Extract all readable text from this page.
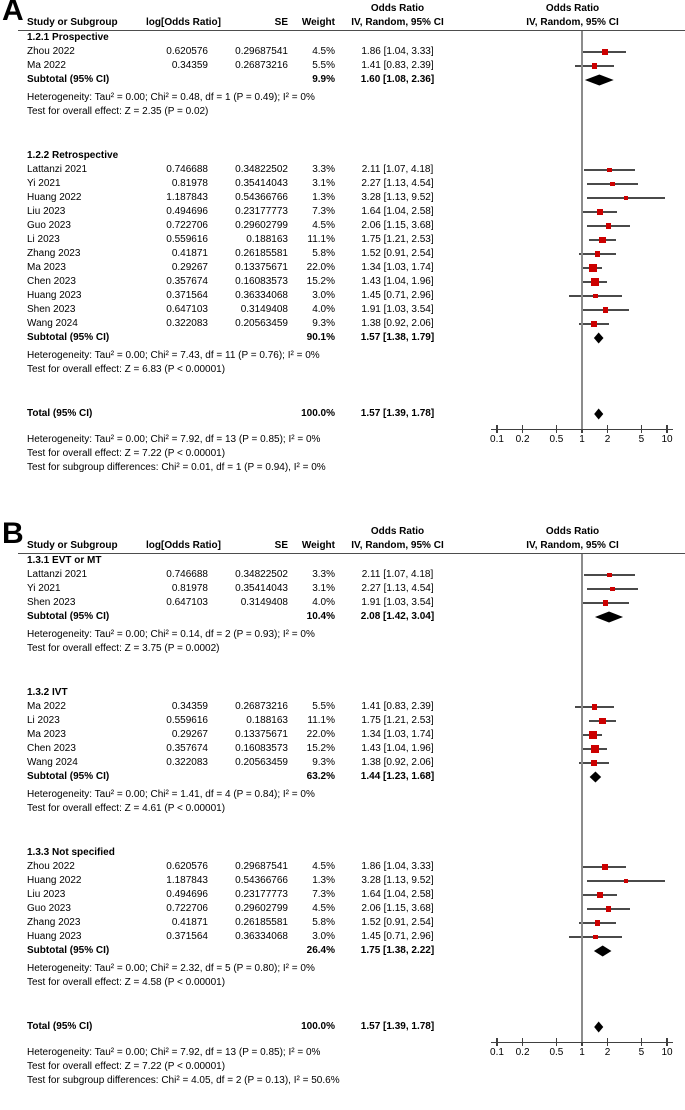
A	Odds Ratio	Odds Ratio
Study or Subgroup	log[Odds Ratio]	SE	Weight	IV, Random, 95% CI	IV, Random, 95% CI
1.2.1 Prospective
Zhou 2022	0.620576	0.29687541	4.5%	1.86 [1.04, 3.33]
Ma 2022	0.34359	0.26873216	5.5%	1.41 [0.83, 2.39]
Subtotal (95% CI)	9.9%	1.60 [1.08, 2.36]
Heterogeneity: Tau² = 0.00; Chi² = 0.48, df = 1 (P = 0.49); I² = 0%
Test for overall effect: Z = 2.35 (P = 0.02)
1.2.2 Retrospective
Lattanzi 2021	0.746688	0.34822502	3.3%	2.11 [1.07, 4.18]
Yi 2021	0.81978	0.35414043	3.1%	2.27 [1.13, 4.54]
Huang 2022	1.187843	0.54366766	1.3%	3.28 [1.13, 9.52]
Liu 2023	0.494696	0.23177773	7.3%	1.64 [1.04, 2.58]
Guo 2023	0.722706	0.29602799	4.5%	2.06 [1.15, 3.68]
Li 2023	0.559616	0.188163	11.1%	1.75 [1.21, 2.53]
Zhang 2023	0.41871	0.26185581	5.8%	1.52 [0.91, 2.54]
Ma 2023	0.29267	0.13375671	22.0%	1.34 [1.03, 1.74]
Chen 2023	0.357674	0.16083573	15.2%	1.43 [1.04, 1.96]
Huang 2023	0.371564	0.36334068	3.0%	1.45 [0.71, 2.96]
Shen 2023	0.647103	0.3149408	4.0%	1.91 [1.03, 3.54]
Wang 2024	0.322083	0.20563459	9.3%	1.38 [0.92, 2.06]
Subtotal (95% CI)	90.1%	1.57 [1.38, 1.79]
Heterogeneity: Tau² = 0.00; Chi² = 7.43, df = 11 (P = 0.76); I² = 0%
Test for overall effect: Z = 6.83 (P < 0.00001)
Total (95% CI)	100.0%	1.57 [1.39, 1.78]
Heterogeneity: Tau² = 0.00; Chi² = 7.92, df = 13 (P = 0.85); I² = 0%
Test for overall effect: Z = 7.22 (P < 0.00001)
Test for subgroup differences: Chi² = 0.01, df = 1 (P = 0.94), I² = 0%
0.1 0.2 0.5 1 2	5 10
B	Odds Ratio	Odds Ratio
Study or Subgroup	log[Odds Ratio]	SE	Weight	IV, Random, 95% CI	IV, Random, 95% CI
1.3.1 EVT or MT
Lattanzi 2021	0.746688	0.34822502	3.3%	2.11 [1.07, 4.18]
Yi 2021	0.81978	0.35414043	3.1%	2.27 [1.13, 4.54]
Shen 2023	0.647103	0.3149408	4.0%	1.91 [1.03, 3.54]
Subtotal (95% CI)	10.4%	2.08 [1.42, 3.04]
Heterogeneity: Tau² = 0.00; Chi² = 0.14, df = 2 (P = 0.93); I² = 0%
Test for overall effect: Z = 3.75 (P = 0.0002)
1.3.2 IVT
Ma 2022	0.34359	0.26873216	5.5%	1.41 [0.83, 2.39]
Li 2023	0.559616	0.188163	11.1%	1.75 [1.21, 2.53]
Ma 2023	0.29267	0.13375671	22.0%	1.34 [1.03, 1.74]
Chen 2023	0.357674	0.16083573	15.2%	1.43 [1.04, 1.96]
Wang 2024	0.322083	0.20563459	9.3%	1.38 [0.92, 2.06]
Subtotal (95% CI)	63.2%	1.44 [1.23, 1.68]
Heterogeneity: Tau² = 0.00; Chi² = 1.41, df = 4 (P = 0.84); I² = 0%
Test for overall effect: Z = 4.61 (P < 0.00001)
1.3.3 Not specified
Zhou 2022	0.620576	0.29687541	4.5%	1.86 [1.04, 3.33]
Huang 2022	1.187843	0.54366766	1.3%	3.28 [1.13, 9.52]
Liu 2023	0.494696	0.23177773	7.3%	1.64 [1.04, 2.58]
Guo 2023	0.722706	0.29602799	4.5%	2.06 [1.15, 3.68]
Zhang 2023	0.41871	0.26185581	5.8%	1.52 [0.91, 2.54]
Huang 2023	0.371564	0.36334068	3.0%	1.45 [0.71, 2.96]
Subtotal (95% CI)	26.4%	1.75 [1.38, 2.22]
Heterogeneity: Tau² = 0.00; Chi² = 2.32, df = 5 (P = 0.80); I² = 0%
Test for overall effect: Z = 4.58 (P < 0.00001)
Total (95% CI)	100.0%	1.57 [1.39, 1.78]
Heterogeneity: Tau² = 0.00; Chi² = 7.92, df = 13 (P = 0.85); I² = 0%
Test for overall effect: Z = 7.22 (P < 0.00001)
Test for subgroup differences: Chi² = 4.05, df = 2 (P = 0.13), I² = 50.6%
0.1 0.2 0.5 1 2	5 10
